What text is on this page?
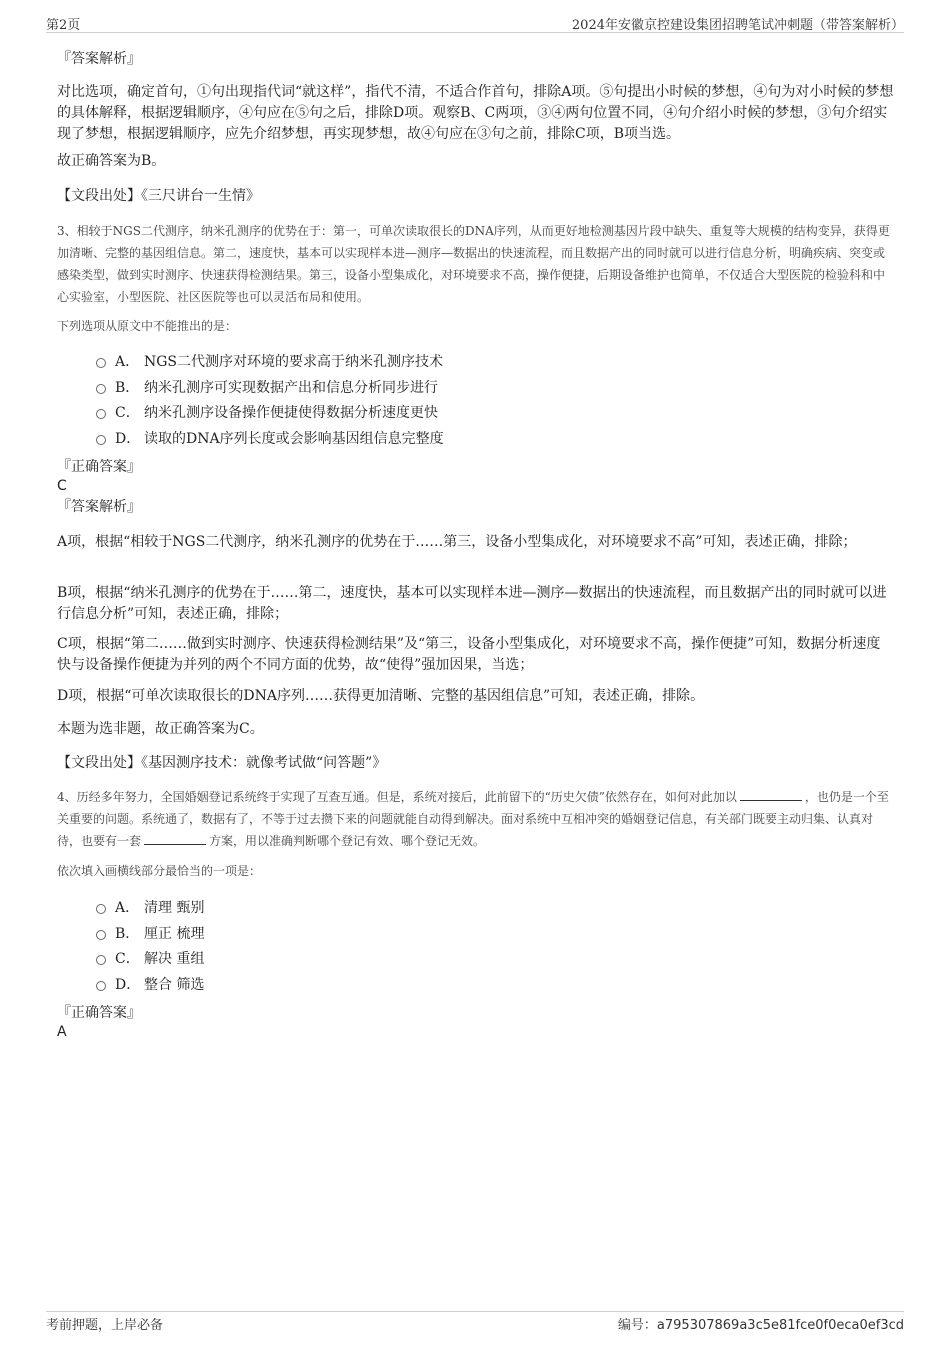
第2页	2024年安徽京控建设集团招聘笔试冲刺题（带答案解析）
『答案解析』
对比选项，确定首句，①句出现指代词“就这样”，指代不清，不适合作首句，排除A项。⑤句提出小时候的梦想，④句为对小时候的梦想的具体解释，根据逻辑顺序，④句应在⑤句之后，排除D项。观察B、C两项，③④两句位置不同，④句介绍小时候的梦想，③句介绍实现了梦想，根据逻辑顺序，应先介绍梦想，再实现梦想，故④句应在③句之前，排除C项，B项当选。
故正确答案为B。
【文段出处】《三尺讲台一生情》
3、相较于NGS二代测序，纳米孔测序的优势在于：第一，可单次读取很长的DNA序列，从而更好地检测基因片段中缺失、重复等大规模的结构变异，获得更加清晰、完整的基因组信息。第二，速度快，基本可以实现样本进—测序—数据出的快速流程，而且数据产出的同时就可以进行信息分析，明确疾病、突变或感染类型，做到实时测序、快速获得检测结果。第三，设备小型集成化，对环境要求不高，操作便捷，后期设备维护也简单，不仅适合大型医院的检验科和中心实验室，小型医院、社区医院等也可以灵活布局和使用。
下列选项从原文中不能推出的是：
A． NGS二代测序对环境的要求高于纳米孔测序技术
B． 纳米孔测序可实现数据产出和信息分析同步进行
C． 纳米孔测序设备操作便捷使得数据分析速度更快
D． 读取的DNA序列长度或会影响基因组信息完整度
『正确答案』
C
『答案解析』
A项，根据“相较于NGS二代测序，纳米孔测序的优势在于……第三，设备小型集成化，对环境要求不高”可知，表述正确，排除；
B项，根据“纳米孔测序的优势在于……第二，速度快，基本可以实现样本进—测序—数据出的快速流程，而且数据产出的同时就可以进行信息分析”可知，表述正确，排除；
C项，根据“第二……做到实时测序、快速获得检测结果”及“第三，设备小型集成化，对环境要求不高，操作便捷”可知，数据分析速度快与设备操作便捷为并列的两个不同方面的优势，故“使得”强加因果，当选；
D项，根据“可单次读取很长的DNA序列……获得更加清晰、完整的基因组信息”可知，表述正确，排除。
本题为选非题，故正确答案为C。
【文段出处】《基因测序技术：就像考试做“问答题”》
4、历经多年努力，全国婚姻登记系统终于实现了互查互通。但是，系统对接后，此前留下的“历史欠债”依然存在，如何对此加以	，也仍是一个至关重要的问题。系统通了，数据有了，不等于过去攒下来的问题就能自动得到解决。面对系统中互相冲突的婚姻登记信息，有关部门既要主动归集、认真对待，也要有一套	方案，用以准确判断哪个登记有效、哪个登记无效。
依次填入画横线部分最恰当的一项是：
A． 清理 甄别
B． 厘正 梳理
C． 解决 重组
D． 整合 筛选
『正确答案』
A
考前押题，上岸必备	编号：a795307869a3c5e81fce0f0eca0ef3cd
